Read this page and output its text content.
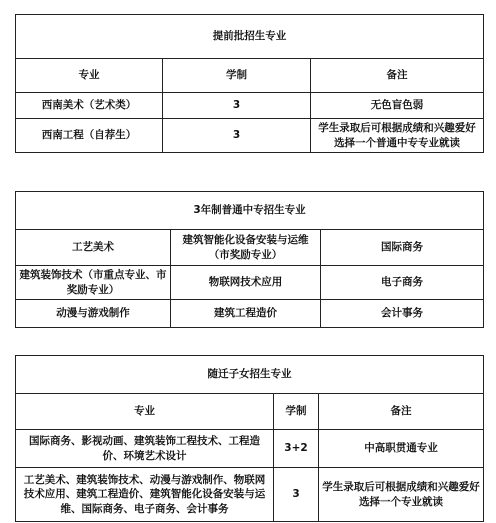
提前批招生专业		
专业	学制	备注
西南美术（艺术类）	3	无色盲色弱
西南工程（自荐生）	3	学生录取后可根据成绩和兴趣爱好选择一个普通中专专业就读
3年制普通中专招生专业		
工艺美术	建筑智能化设备安装与运维（市奖励专业）	国际商务
建筑装饰技术（市重点专业、市奖励专业）	物联网技术应用	电子商务
动漫与游戏制作	建筑工程造价	会计事务
随迁子女招生专业		
专业	学制	备注
国际商务、影视动画、建筑装饰工程技术、工程造价、环境艺术设计	3+2	中高职贯通专业
工艺美术、建筑装饰技术、动漫与游戏制作、物联网技术应用、建筑工程造价、建筑智能化设备安装与运维、国际商务、电子商务、会计事务	3	学生录取后可根据成绩和兴趣爱好选择一个专业就读
